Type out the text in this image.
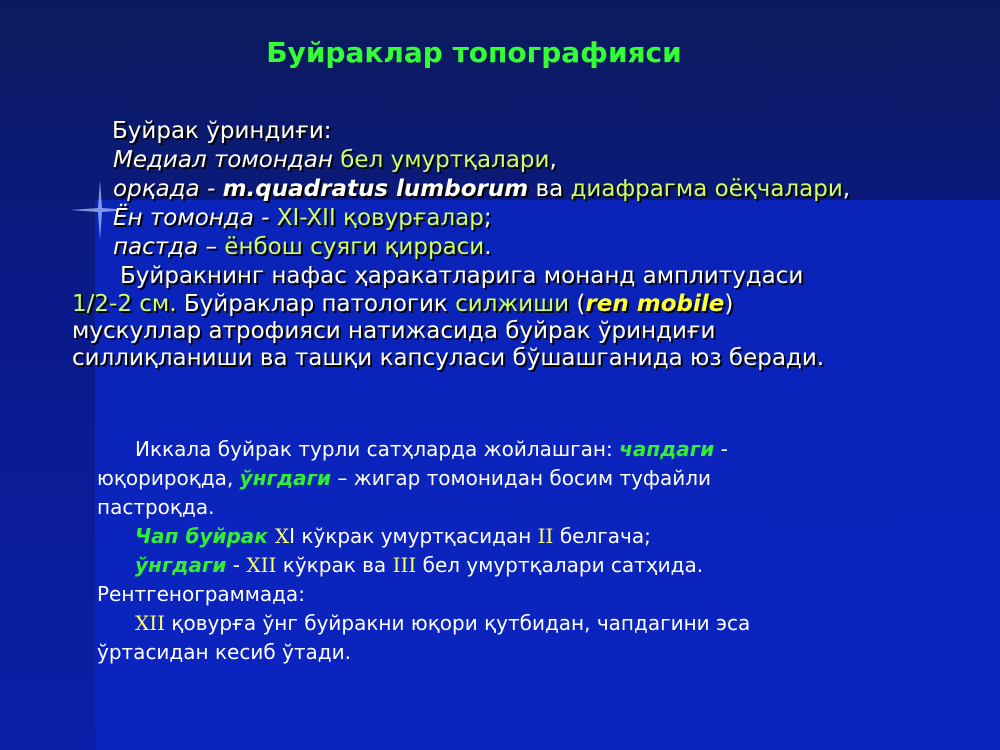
Буйраклар топографияси
Буйрак ўриндиғи:
Медиал томондан бел умуртқалари,
орқада - m.quadratus lumborum ва диафрагма оёқчалари,
Ён томонда - XI-XII қовурғалар;
пастда – ёнбош суяги қирраси.
Буйракнинг нафас ҳаракатларига монанд амплитудаси
1/2-2 см. Буйраклар патологик силжиши (ren mobile)
мускуллар атрофияси натижасида буйрак ўриндиғи
силлиқланиши ва ташқи капсуласи бўшашганида юз беради.
Иккала буйрак турли сатҳларда жойлашган: чапдаги -
юқорироқда, ўнгдаги – жигар томонидан босим туфайли
пастроқда.
Чап буйрак XI кўкрак умуртқасидан II белгача;
ўнгдаги - XII кўкрак ва III бел умуртқалари сатҳида.
Рентгенограммада:
XII қовурға ўнг буйракни юқори қутбидан, чапдагини эса
ўртасидан кесиб ўтади.
